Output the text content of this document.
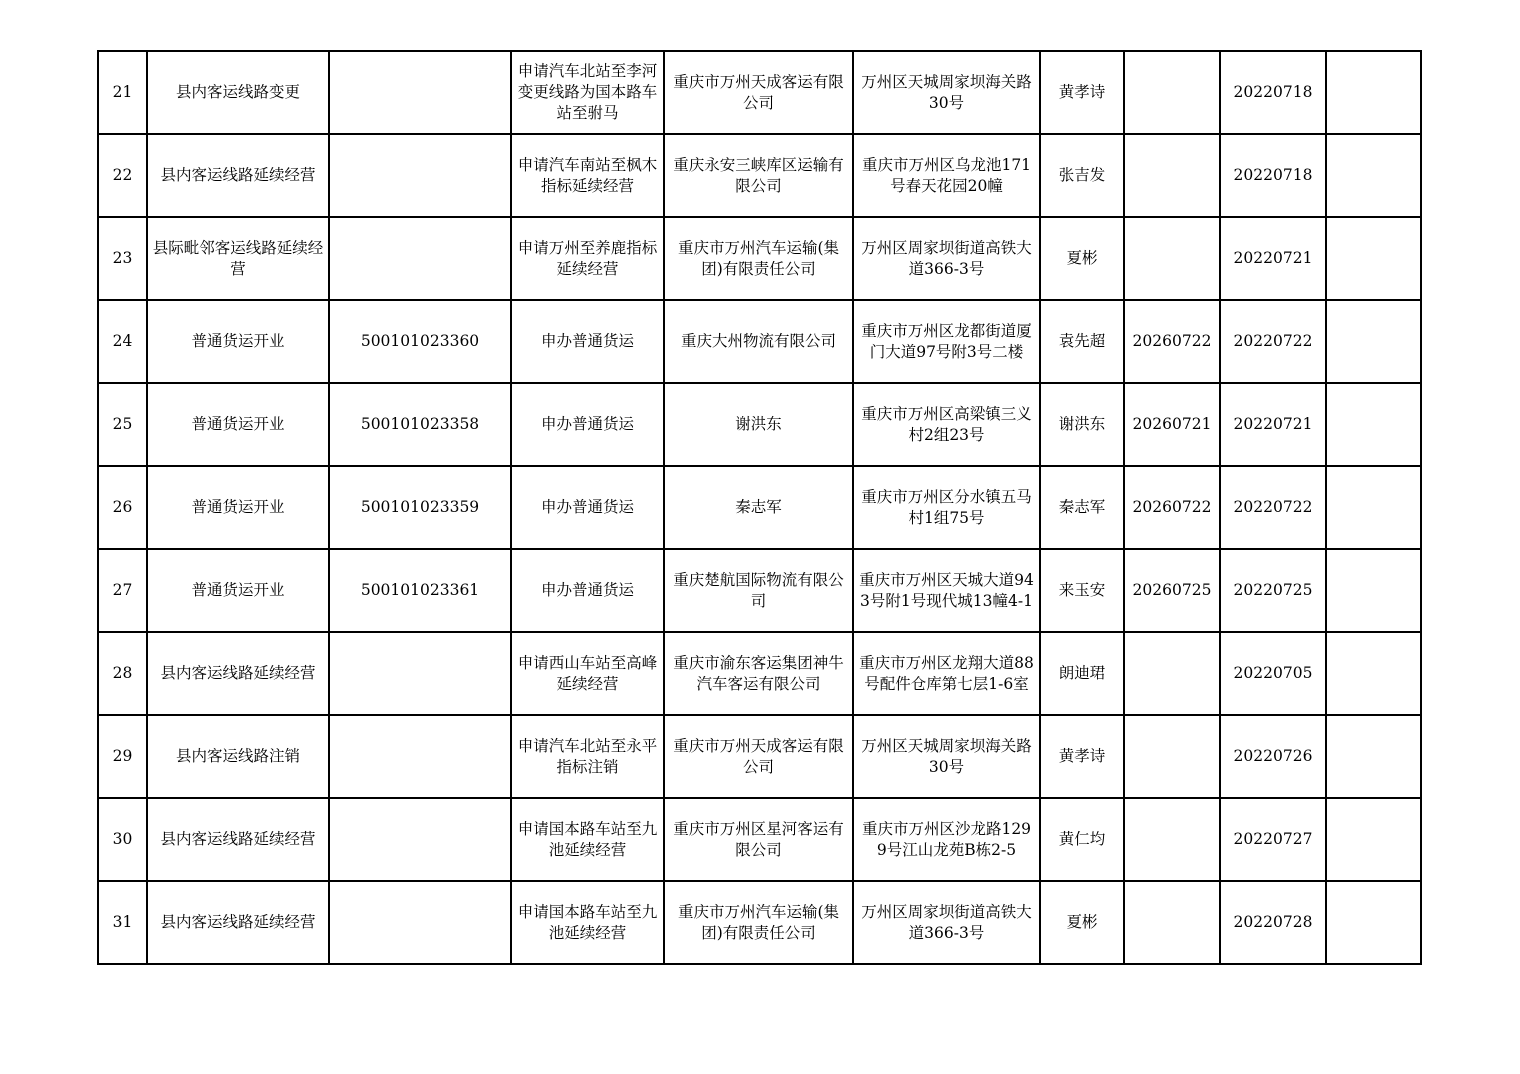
21	县内客运线路变更		申请汽车北站至李河变更线路为国本路车站至驸马	重庆市万州天成客运有限公司	万州区天城周家坝海关路30号	黄孝诗		20220718	
22	县内客运线路延续经营		申请汽车南站至枫木指标延续经营	重庆永安三峡库区运输有限公司	重庆市万州区乌龙池171号春天花园20幢	张吉发		20220718	
23	县际毗邻客运线路延续经营		申请万州至养鹿指标延续经营	重庆市万州汽车运输(集团)有限责任公司	万州区周家坝街道高铁大道366-3号	夏彬		20220721	
24	普通货运开业	500101023360	申办普通货运	重庆大州物流有限公司	重庆市万州区龙都街道厦门大道97号附3号二楼	袁先超	20260722	20220722	
25	普通货运开业	500101023358	申办普通货运	谢洪东	重庆市万州区高梁镇三义村2组23号	谢洪东	20260721	20220721	
26	普通货运开业	500101023359	申办普通货运	秦志军	重庆市万州区分水镇五马村1组75号	秦志军	20260722	20220722	
27	普通货运开业	500101023361	申办普通货运	重庆楚航国际物流有限公司	重庆市万州区天城大道943号附1号现代城13幢4-1	来玉安	20260725	20220725	
28	县内客运线路延续经营		申请西山车站至高峰延续经营	重庆市渝东客运集团神牛汽车客运有限公司	重庆市万州区龙翔大道88号配件仓库第七层1-6室	朗迪珺		20220705	
29	县内客运线路注销		申请汽车北站至永平指标注销	重庆市万州天成客运有限公司	万州区天城周家坝海关路30号	黄孝诗		20220726	
30	县内客运线路延续经营		申请国本路车站至九池延续经营	重庆市万州区星河客运有限公司	重庆市万州区沙龙路1299号江山龙苑B栋2-5	黄仁均		20220727	
31	县内客运线路延续经营		申请国本路车站至九池延续经营	重庆市万州汽车运输(集团)有限责任公司	万州区周家坝街道高铁大道366-3号	夏彬		20220728	
